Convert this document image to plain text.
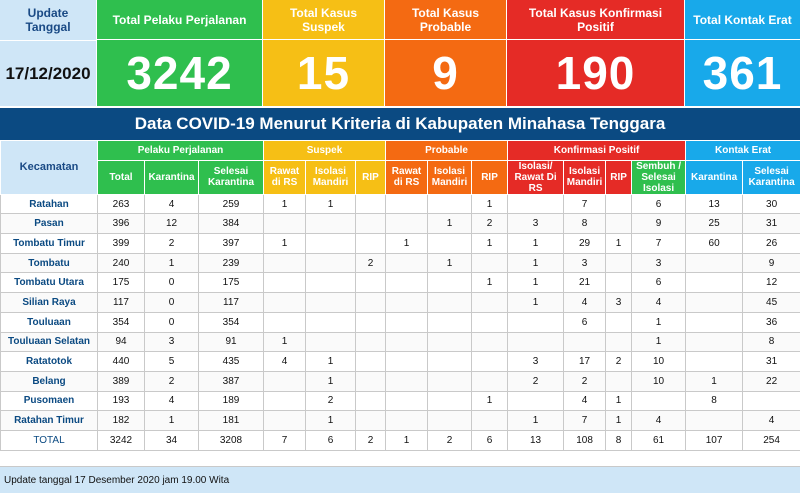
Update Tanggal
17/12/2020
Total Pelaku Perjalanan
3242
Total Kasus Suspek
15
Total Kasus Probable
9
Total Kasus Konfirmasi Positif
190
Total Kontak Erat
361
Data COVID-19 Menurut Kriteria di Kabupaten Minahasa Tenggara
Kecamatan	Pelaku Perjalanan			Suspek			Probable			Konfirmasi Positif				Kontak Erat	
	Total	Karantina	Selesai Karantina	Rawat di RS	Isolasi Mandiri	RIP	Rawat di RS	Isolasi Mandiri	RIP	Isolasi/ Rawat Di RS	Isolasi Mandiri	RIP	Sembuh / Selesai Isolasi	Karantina	Selesai Karantina
Ratahan	263	4	259	1	1				1		7		6	13	30
Pasan	396	12	384					1	2	3	8		9	25	31
Tombatu Timur	399	2	397	1			1		1	1	29	1	7	60	26
Tombatu	240	1	239			2		1		1	3		3		9
Tombatu Utara	175	0	175						1	1	21		6		12
Silian Raya	117	0	117							1	4	3	4		45
Touluaan	354	0	354								6		1		36
Touluaan Selatan	94	3	91	1									1		8
Ratatotok	440	5	435	4	1					3	17	2	10		31
Belang	389	2	387		1					2	2		10	1	22
Pusomaen	193	4	189		2				1		4	1		8	
Ratahan Timur	182	1	181		1					1	7	1	4		4
TOTAL	3242	34	3208	7	6	2	1	2	6	13	108	8	61	107	254
Update tanggal 17 Desember 2020 jam 19.00 Wita
